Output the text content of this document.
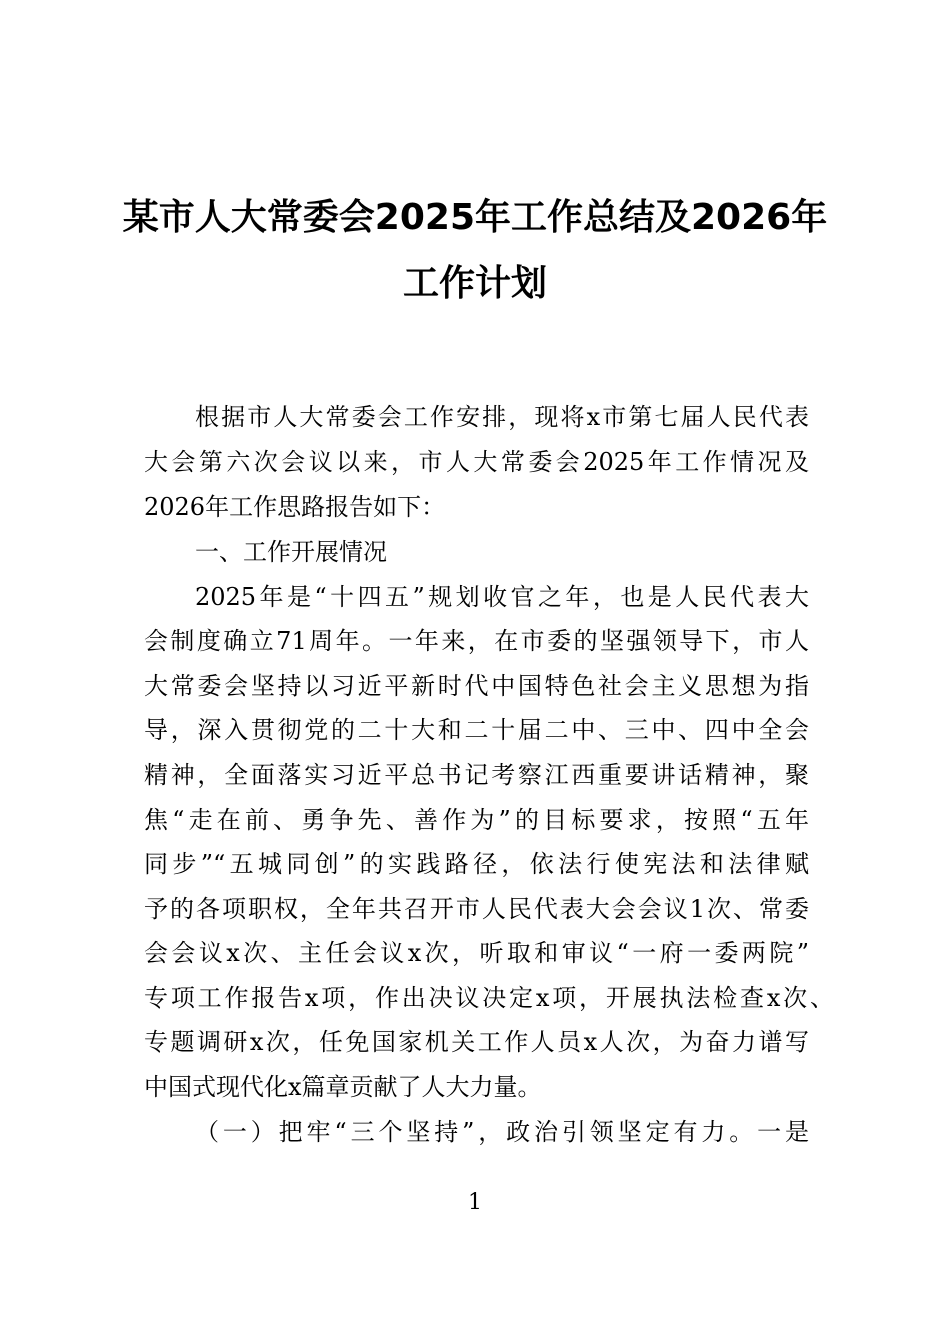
某市人大常委会2025年工作总结及2026年
工作计划
根据市人大常委会工作安排，现将x市第七届人民代表
大会第六次会议以来，市人大常委会2025年工作情况及
2026年工作思路报告如下：
一、工作开展情况
2025年是“十四五”规划收官之年，也是人民代表大
会制度确立71周年。一年来，在市委的坚强领导下，市人
大常委会坚持以习近平新时代中国特色社会主义思想为指
导，深入贯彻党的二十大和二十届二中、三中、四中全会
精神，全面落实习近平总书记考察江西重要讲话精神，聚
焦“走在前、勇争先、善作为”的目标要求，按照“五年
同步”“五城同创”的实践路径，依法行使宪法和法律赋
予的各项职权，全年共召开市人民代表大会会议1次、常委
会会议x次、主任会议x次，听取和审议“一府一委两院”
专项工作报告x项，作出决议决定x项，开展执法检查x次、
专题调研x次，任免国家机关工作人员x人次，为奋力谱写
中国式现代化x篇章贡献了人大力量。
（一）把牢“三个坚持”，政治引领坚定有力。一是
1
